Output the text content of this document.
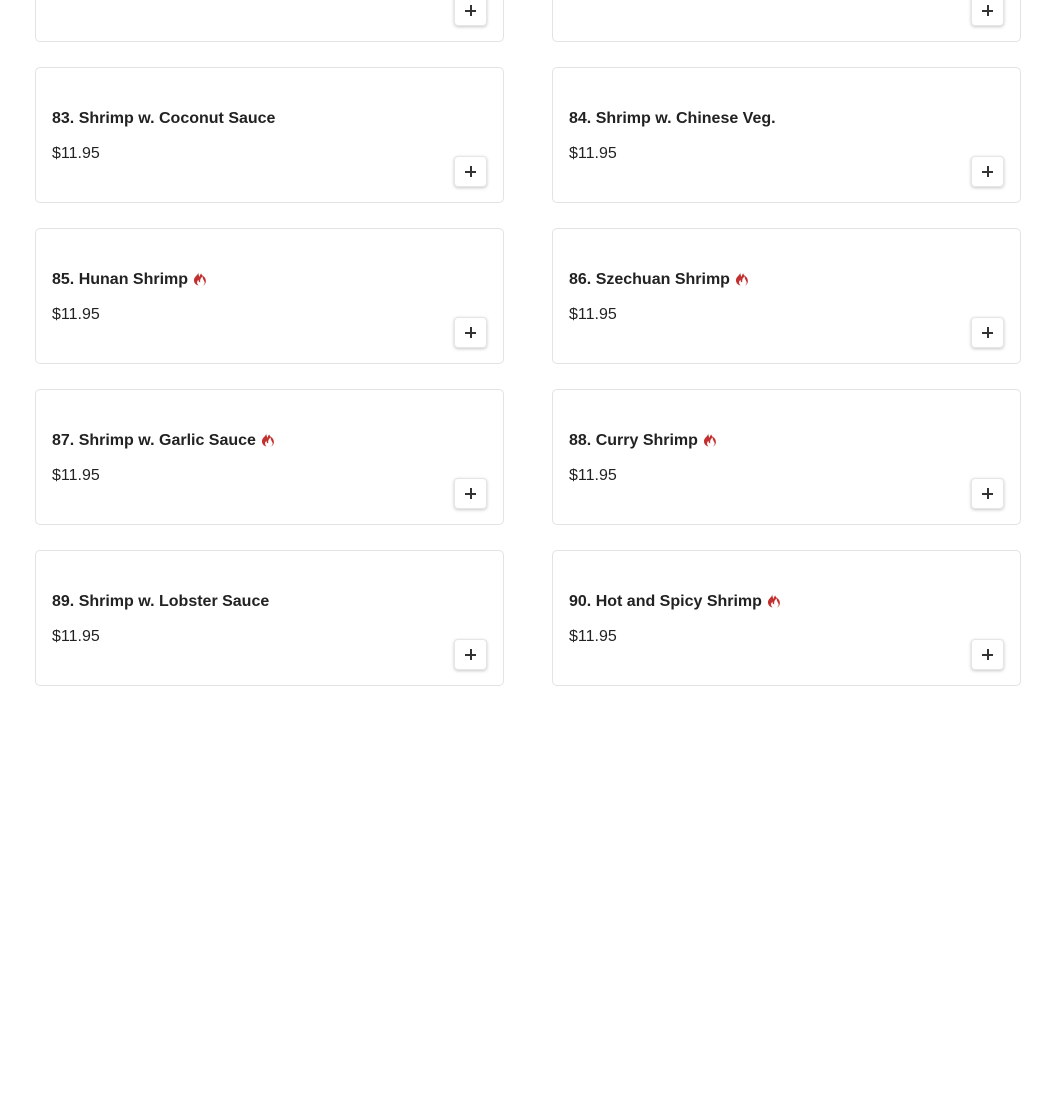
83. Shrimp w. Coconut Sauce
$11.95
84. Shrimp w. Chinese Veg.
$11.95
85. Hunan Shrimp
$11.95
86. Szechuan Shrimp
$11.95
87. Shrimp w. Garlic Sauce
$11.95
88. Curry Shrimp
$11.95
89. Shrimp w. Lobster Sauce
$11.95
90. Hot and Spicy Shrimp
$11.95
